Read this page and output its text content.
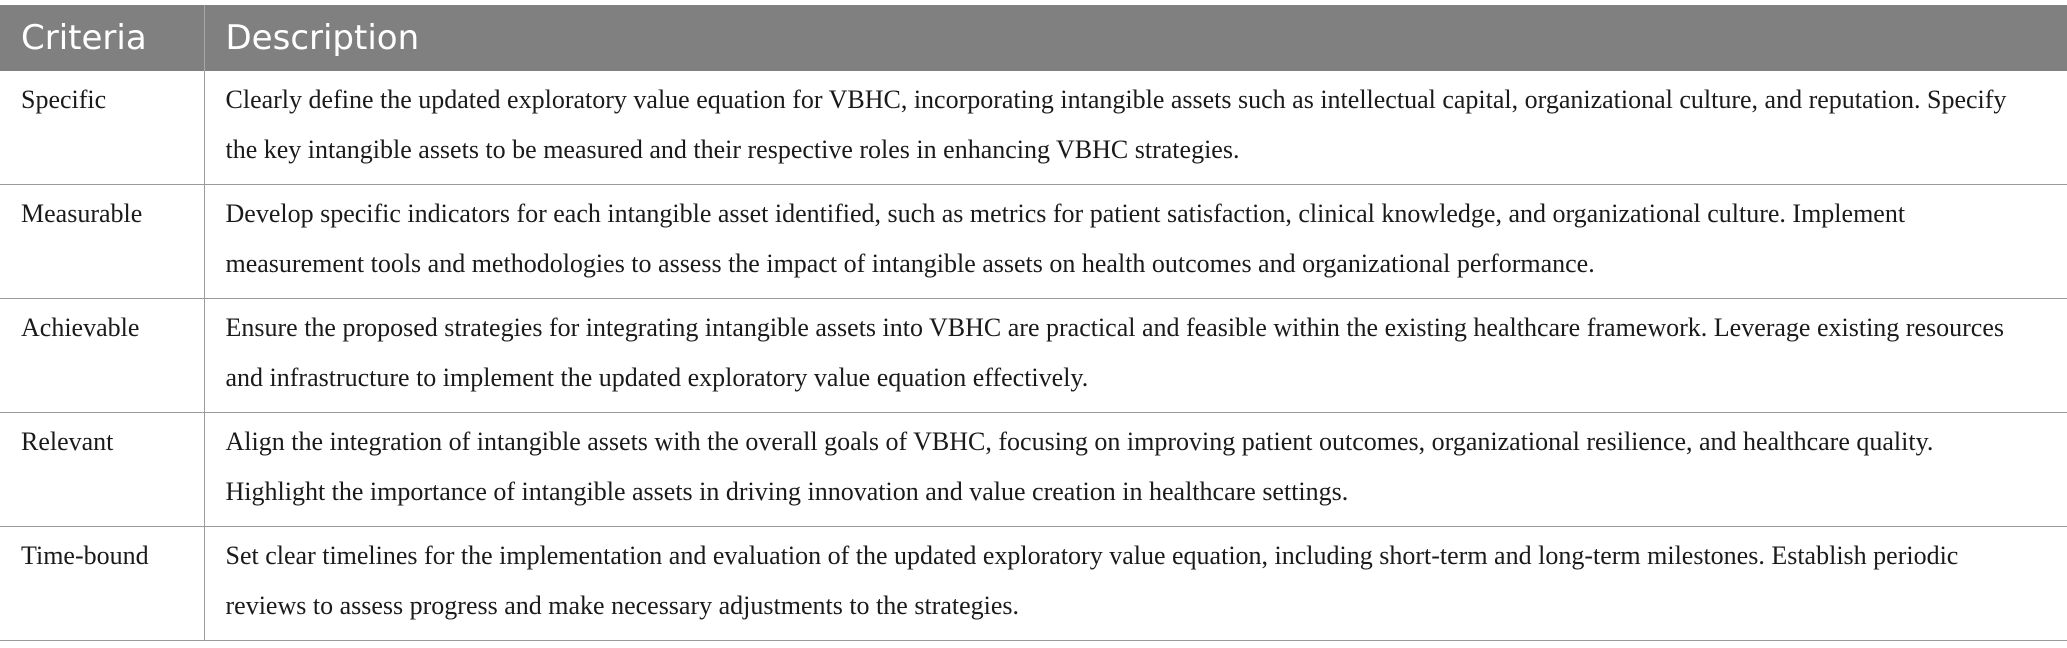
Criteria	Description
Specific	Clearly define the updated exploratory value equation for VBHC, incorporating intangible assets such as intellectual capital, organizational culture, and reputation. Specify the key intangible assets to be measured and their respective roles in enhancing VBHC strategies.
Measurable	Develop specific indicators for each intangible asset identified, such as metrics for patient satisfaction, clinical knowledge, and organizational culture. Implement measurement tools and methodologies to assess the impact of intangible assets on health outcomes and organizational performance.
Achievable	Ensure the proposed strategies for integrating intangible assets into VBHC are practical and feasible within the existing healthcare framework. Leverage existing resources and infrastructure to implement the updated exploratory value equation effectively.
Relevant	Align the integration of intangible assets with the overall goals of VBHC, focusing on improving patient outcomes, organizational resilience, and healthcare quality. Highlight the importance of intangible assets in driving innovation and value creation in healthcare settings.
Time-bound	Set clear timelines for the implementation and evaluation of the updated exploratory value equation, including short-term and long-term milestones. Establish periodic reviews to assess progress and make necessary adjustments to the strategies.
